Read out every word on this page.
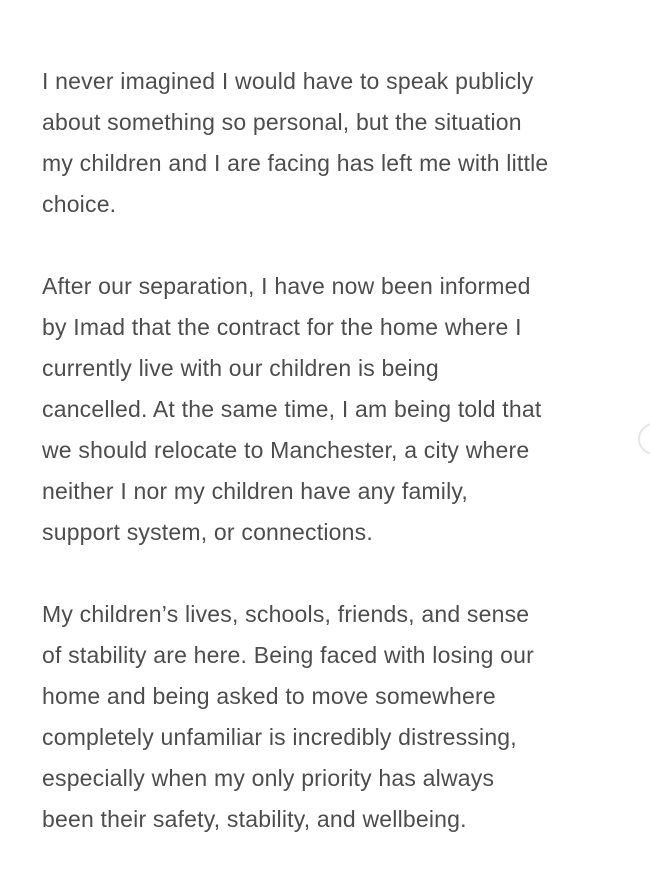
I never imagined I would have to speak publicly
about something so personal, but the situation
my children and I are facing has left me with little
choice.
After our separation, I have now been informed
by Imad that the contract for the home where I
currently live with our children is being
cancelled. At the same time, I am being told that
we should relocate to Manchester, a city where
neither I nor my children have any family,
support system, or connections.
My children’s lives, schools, friends, and sense
of stability are here. Being faced with losing our
home and being asked to move somewhere
completely unfamiliar is incredibly distressing,
especially when my only priority has always
been their safety, stability, and wellbeing.
